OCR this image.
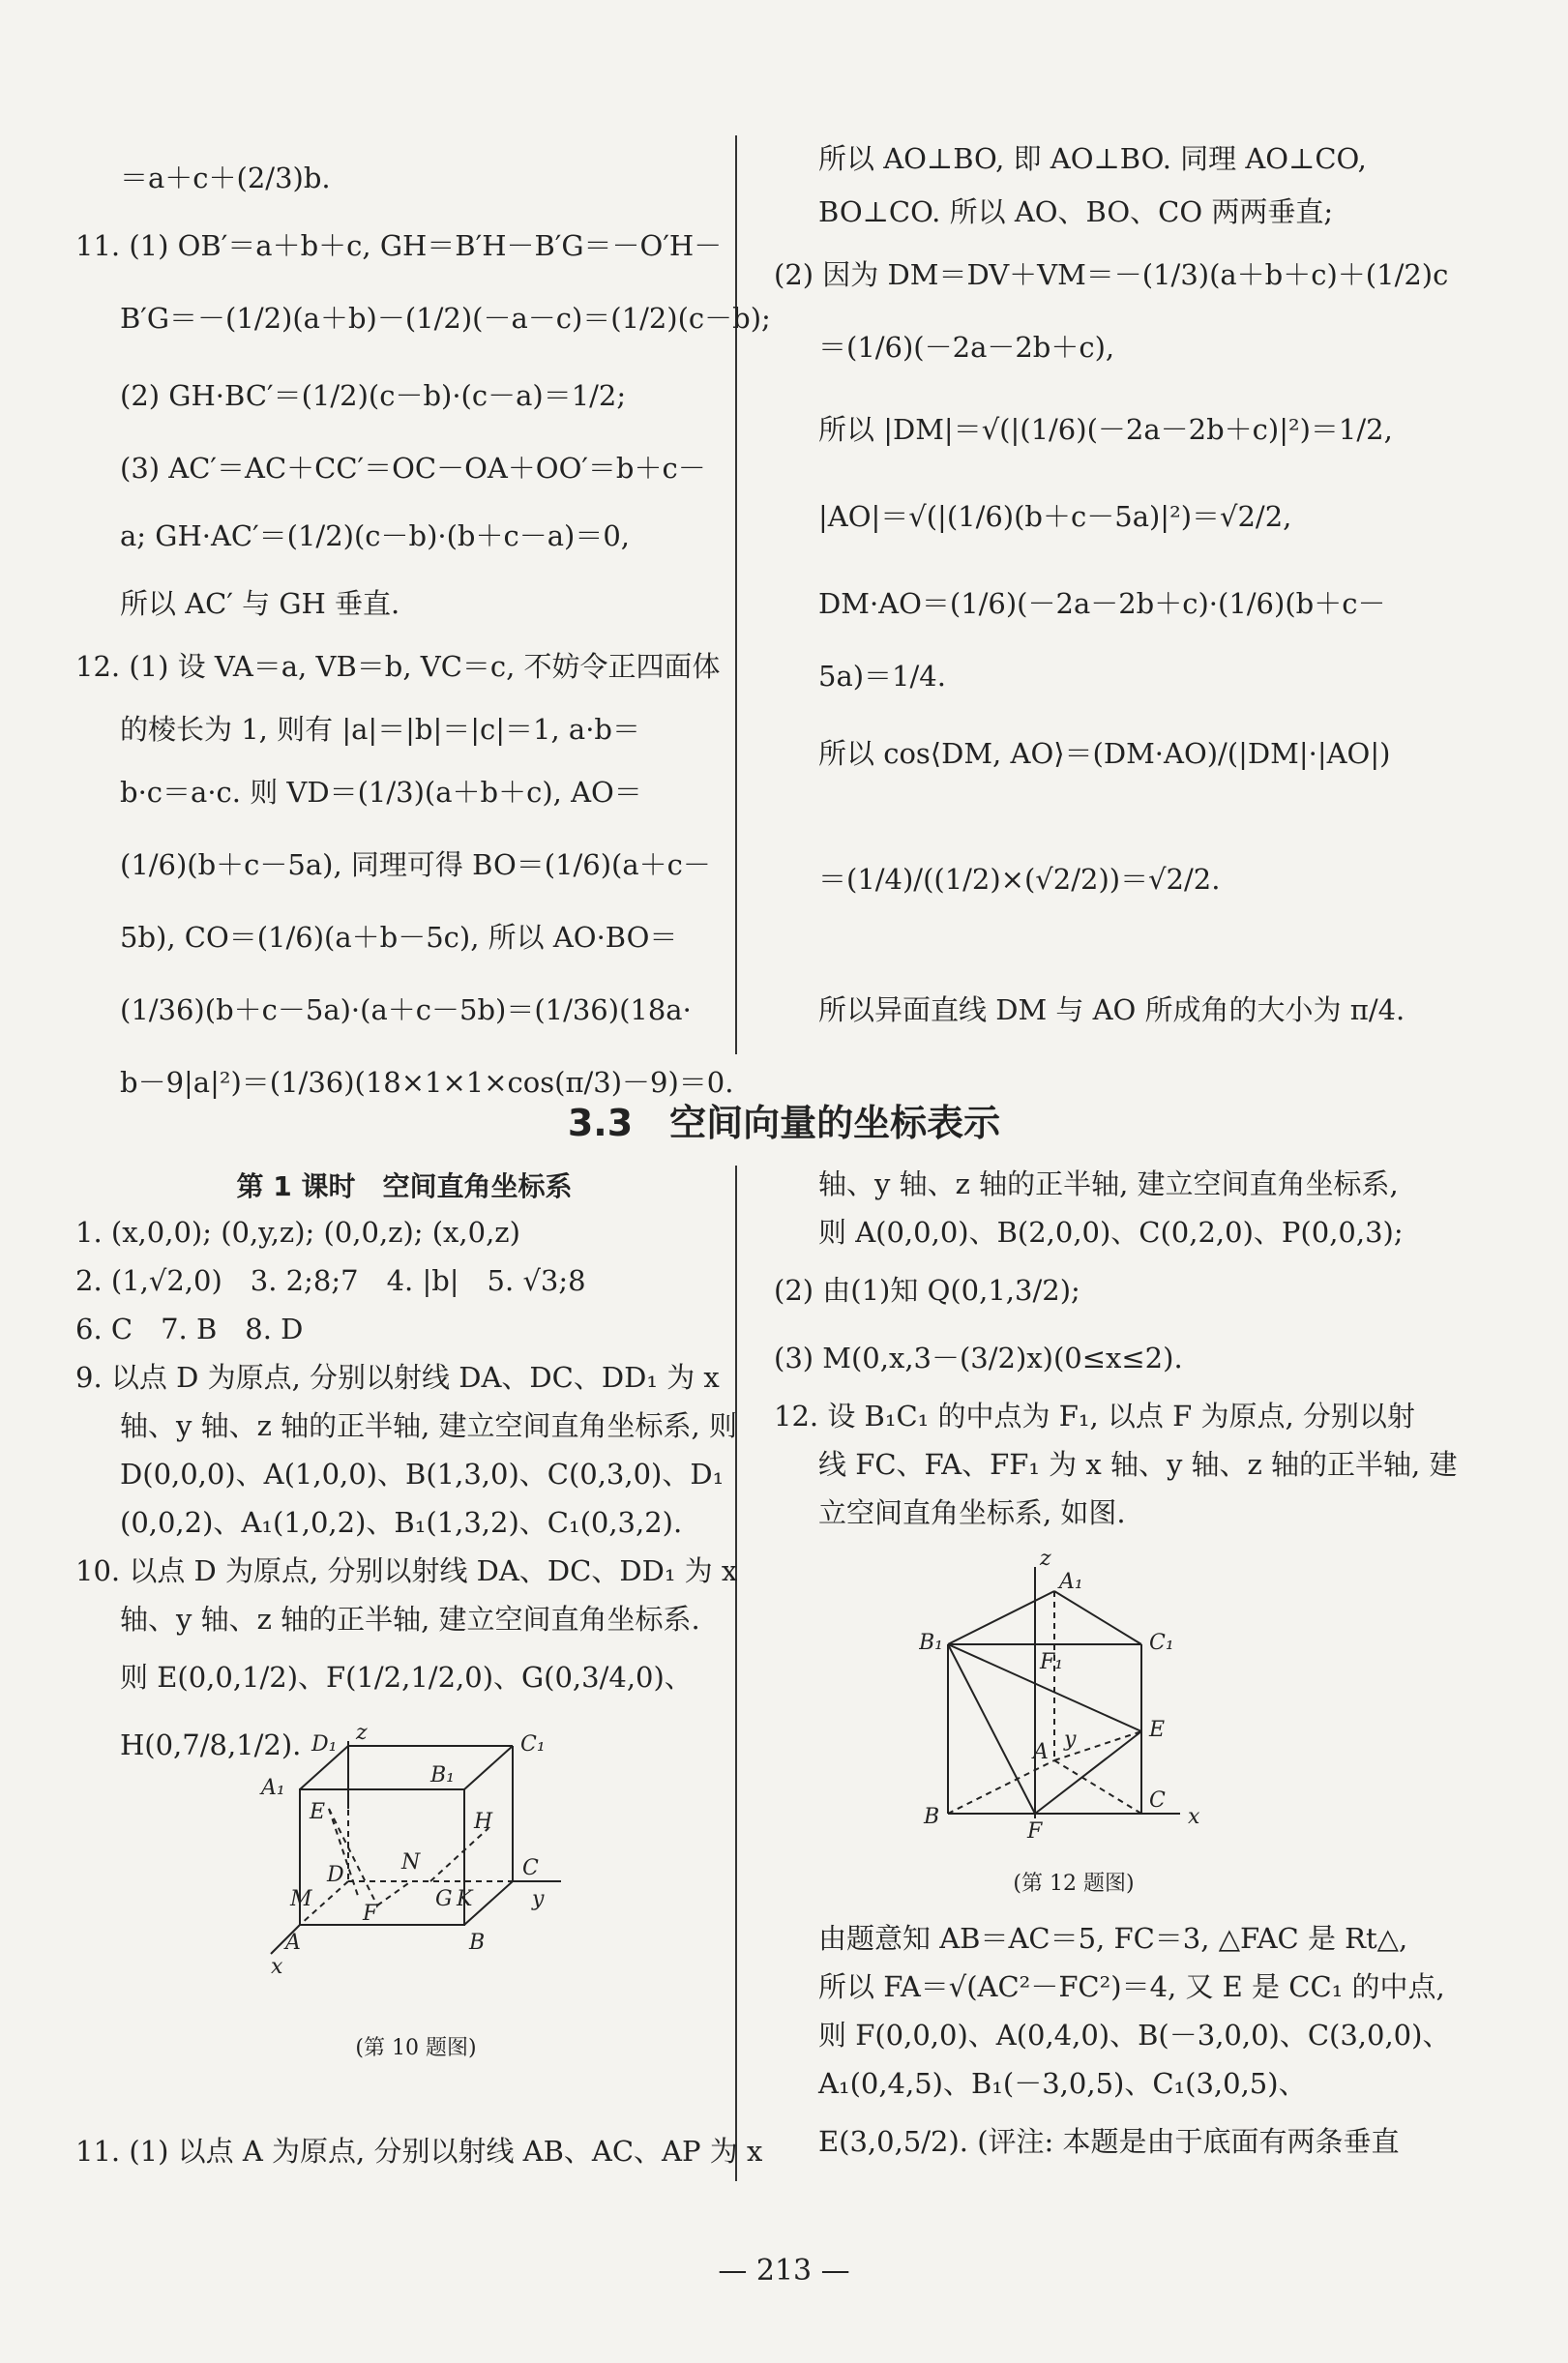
＝a＋c＋(2/3)b.
11. (1) OB′＝a＋b＋c, GH＝B′H－B′G＝－O′H－
B′G＝－(1/2)(a＋b)－(1/2)(－a－c)＝(1/2)(c－b);
(2) GH·BC′＝(1/2)(c－b)·(c－a)＝1/2;
(3) AC′＝AC＋CC′＝OC－OA＋OO′＝b＋c－
a; GH·AC′＝(1/2)(c－b)·(b＋c－a)＝0,
所以 AC′ 与 GH 垂直.
12. (1) 设 VA＝a, VB＝b, VC＝c, 不妨令正四面体
的棱长为 1, 则有 |a|＝|b|＝|c|＝1, a·b＝
b·c＝a·c. 则 VD＝(1/3)(a＋b＋c), AO＝
(1/6)(b＋c－5a), 同理可得 BO＝(1/6)(a＋c－
5b), CO＝(1/6)(a＋b－5c), 所以 AO·BO＝
(1/36)(b＋c－5a)·(a＋c－5b)＝(1/36)(18a·
b－9|a|²)＝(1/36)(18×1×1×cos(π/3)－9)＝0.
所以 AO⊥BO, 即 AO⊥BO. 同理 AO⊥CO,
BO⊥CO. 所以 AO、BO、CO 两两垂直;
(2) 因为 DM＝DV＋VM＝－(1/3)(a＋b＋c)＋(1/2)c
＝(1/6)(－2a－2b＋c),
所以 |DM|＝√(|(1/6)(－2a－2b＋c)|²)＝1/2,
|AO|＝√(|(1/6)(b＋c－5a)|²)＝√2/2,
DM·AO＝(1/6)(－2a－2b＋c)·(1/6)(b＋c－
5a)＝1/4.
所以 cos⟨DM, AO⟩＝(DM·AO)/(|DM|·|AO|)
＝(1/4)/((1/2)×(√2/2))＝√2/2.
所以异面直线 DM 与 AO 所成角的大小为 π/4.
3.3　空间向量的坐标表示
第 1 课时　空间直角坐标系
1. (x,0,0); (0,y,z); (0,0,z); (x,0,z)
2. (1,√2,0)　3. 2;8;7　4. |b|　5. √3;8
6. C　7. B　8. D
9. 以点 D 为原点, 分别以射线 DA、DC、DD₁ 为 x
轴、y 轴、z 轴的正半轴, 建立空间直角坐标系, 则
D(0,0,0)、A(1,0,0)、B(1,3,0)、C(0,3,0)、D₁
(0,0,2)、A₁(1,0,2)、B₁(1,3,2)、C₁(0,3,2).
10. 以点 D 为原点, 分别以射线 DA、DC、DD₁ 为 x
轴、y 轴、z 轴的正半轴, 建立空间直角坐标系.
则 E(0,0,1/2)、F(1/2,1/2,0)、G(0,3/4,0)、
H(0,7/8,1/2).
11. (1) 以点 A 为原点, 分别以射线 AB、AC、AP 为 x
z
D₁	C₁
A₁
B₁
E	H
N
D	C
M
F
G K	y
A	B
x
(第 10 题图)
轴、y 轴、z 轴的正半轴, 建立空间直角坐标系,
则 A(0,0,0)、B(2,0,0)、C(0,2,0)、P(0,0,3);
(2) 由(1)知 Q(0,1,3/2);
(3) M(0,x,3－(3/2)x)(0≤x≤2).
12. 设 B₁C₁ 的中点为 F₁, 以点 F 为原点, 分别以射
线 FC、FA、FF₁ 为 x 轴、y 轴、z 轴的正半轴, 建
立空间直角坐标系, 如图.
由题意知 AB＝AC＝5, FC＝3, △FAC 是 Rt△,
所以 FA＝√(AC²－FC²)＝4, 又 E 是 CC₁ 的中点,
则 F(0,0,0)、A(0,4,0)、B(－3,0,0)、C(3,0,0)、
A₁(0,4,5)、B₁(－3,0,5)、C₁(3,0,5)、
E(3,0,5/2). (评注: 本题是由于底面有两条垂直
z
A₁
B₁	C₁
F₁
A
y	E
B
F
C
x
(第 12 题图)
— 213 —
